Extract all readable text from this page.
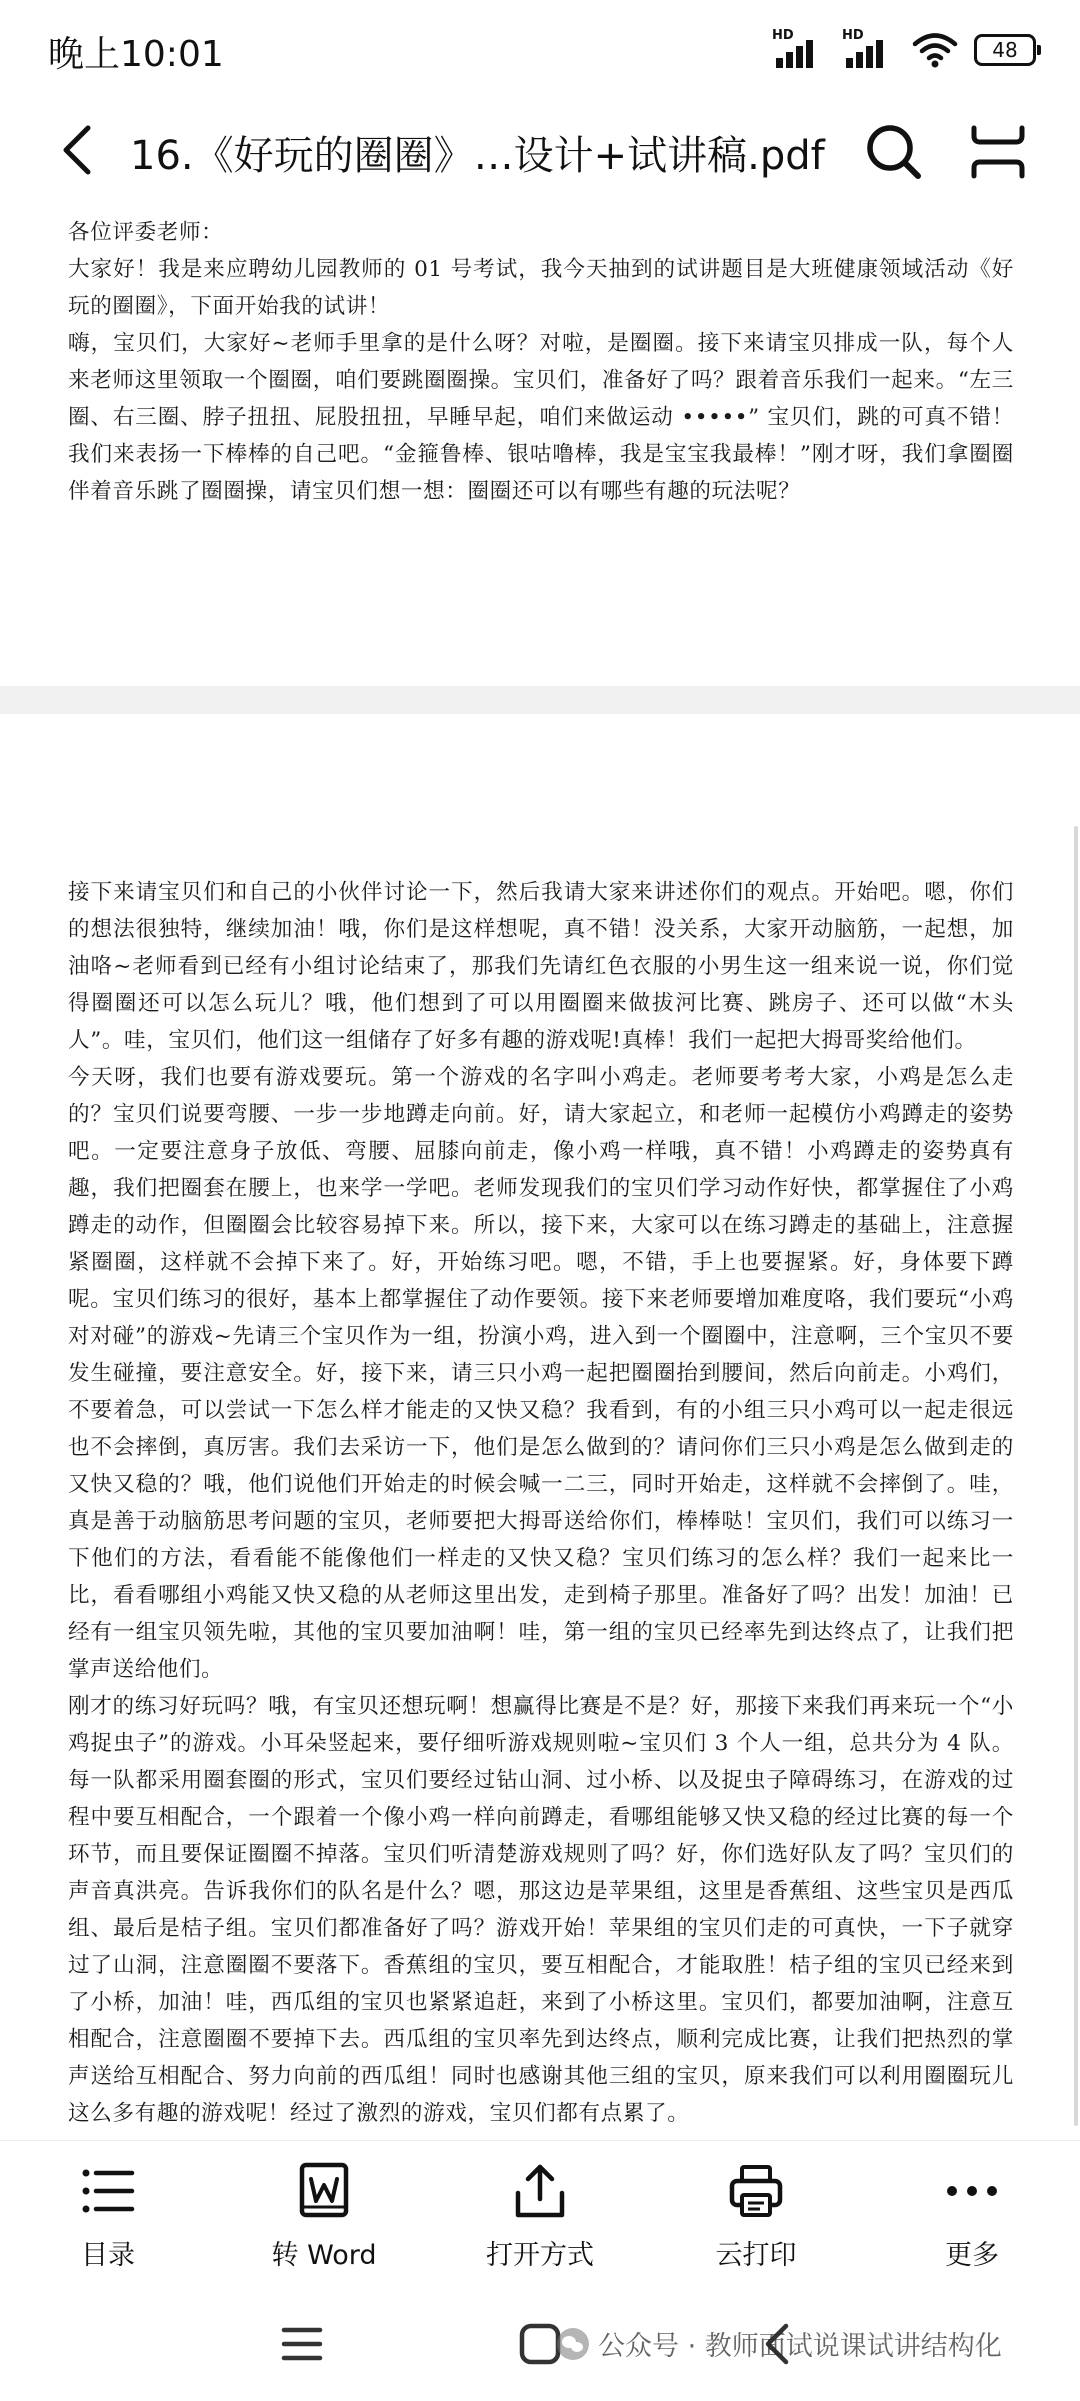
晚上10:01	HD	HD
48
16.《好玩的圈圈》…设计+试讲稿.pdf

各位评委老师：

大家好！我是来应聘幼儿园教师的 01 号考试，我今天抽到的试讲题目是大班健康领域活动《好玩的圈圈》，下面开始我的试讲！

嗨，宝贝们，大家好~老师手里拿的是什么呀？对啦，是圈圈。接下来请宝贝排成一队，每个人来老师这里领取一个圈圈，咱们要跳圈圈操。宝贝们，准备好了吗？跟着音乐我们一起来。“左三圈、右三圈、脖子扭扭、屁股扭扭，早睡早起，咱们来做运动 •••••” 宝贝们，跳的可真不错！我们来表扬一下棒棒的自己吧。“金箍鲁棒、银咕噜棒，我是宝宝我最棒！”刚才呀，我们拿圈圈伴着音乐跳了圈圈操，请宝贝们想一想：圈圈还可以有哪些有趣的玩法呢？

接下来请宝贝们和自己的小伙伴讨论一下，然后我请大家来讲述你们的观点。开始吧。嗯，你们的想法很独特，继续加油！哦，你们是这样想呢，真不错！没关系，大家开动脑筋，一起想，加油咯~老师看到已经有小组讨论结束了，那我们先请红色衣服的小男生这一组来说一说，你们觉得圈圈还可以怎么玩儿？哦，他们想到了可以用圈圈来做拔河比赛、跳房子、还可以做“木头人”。哇，宝贝们，他们这一组储存了好多有趣的游戏呢!真棒！我们一起把大拇哥奖给他们。

今天呀，我们也要有游戏要玩。第一个游戏的名字叫小鸡走。老师要考考大家，小鸡是怎么走的？宝贝们说要弯腰、一步一步地蹲走向前。好，请大家起立，和老师一起模仿小鸡蹲走的姿势吧。一定要注意身子放低、弯腰、屈膝向前走，像小鸡一样哦，真不错！小鸡蹲走的姿势真有趣，我们把圈套在腰上，也来学一学吧。老师发现我们的宝贝们学习动作好快，都掌握住了小鸡蹲走的动作，但圈圈会比较容易掉下来。所以，接下来，大家可以在练习蹲走的基础上，注意握紧圈圈，这样就不会掉下来了。好，开始练习吧。嗯，不错，手上也要握紧。好，身体要下蹲呢。宝贝们练习的很好，基本上都掌握住了动作要领。接下来老师要增加难度咯，我们要玩“小鸡对对碰”的游戏~先请三个宝贝作为一组，扮演小鸡，进入到一个圈圈中，注意啊，三个宝贝不要发生碰撞，要注意安全。好，接下来，请三只小鸡一起把圈圈抬到腰间，然后向前走。小鸡们，不要着急，可以尝试一下怎么样才能走的又快又稳？我看到，有的小组三只小鸡可以一起走很远也不会摔倒，真厉害。我们去采访一下，他们是怎么做到的？请问你们三只小鸡是怎么做到走的又快又稳的？哦，他们说他们开始走的时候会喊一二三，同时开始走，这样就不会摔倒了。哇，真是善于动脑筋思考问题的宝贝，老师要把大拇哥送给你们，棒棒哒！宝贝们，我们可以练习一下他们的方法，看看能不能像他们一样走的又快又稳？宝贝们练习的怎么样？我们一起来比一比，看看哪组小鸡能又快又稳的从老师这里出发，走到椅子那里。准备好了吗？出发！加油！已经有一组宝贝领先啦，其他的宝贝要加油啊！哇，第一组的宝贝已经率先到达终点了，让我们把掌声送给他们。

刚才的练习好玩吗？哦，有宝贝还想玩啊！想赢得比赛是不是？好，那接下来我们再来玩一个“小鸡捉虫子”的游戏。小耳朵竖起来，要仔细听游戏规则啦~宝贝们 3 个人一组，总共分为 4 队。每一队都采用圈套圈的形式，宝贝们要经过钻山洞、过小桥、以及捉虫子障碍练习，在游戏的过程中要互相配合，一个跟着一个像小鸡一样向前蹲走，看哪组能够又快又稳的经过比赛的每一个环节，而且要保证圈圈不掉落。宝贝们听清楚游戏规则了吗？好，你们选好队友了吗？宝贝们的声音真洪亮。告诉我你们的队名是什么？嗯，那这边是苹果组，这里是香蕉组、这些宝贝是西瓜组、最后是桔子组。宝贝们都准备好了吗？游戏开始！苹果组的宝贝们走的可真快，一下子就穿过了山洞，注意圈圈不要落下。香蕉组的宝贝，要互相配合，才能取胜！桔子组的宝贝已经来到了小桥，加油！哇，西瓜组的宝贝也紧紧追赶，来到了小桥这里。宝贝们，都要加油啊，注意互相配合，注意圈圈不要掉下去。西瓜组的宝贝率先到达终点，顺利完成比赛，让我们把热烈的掌声送给互相配合、努力向前的西瓜组！同时也感谢其他三组的宝贝，原来我们可以利用圈圈玩儿这么多有趣的游戏呢！经过了激烈的游戏，宝贝们都有点累了。

目录	转 Word	打开方式	云打印	更多
公众号 · 教师面试说课试讲结构化
